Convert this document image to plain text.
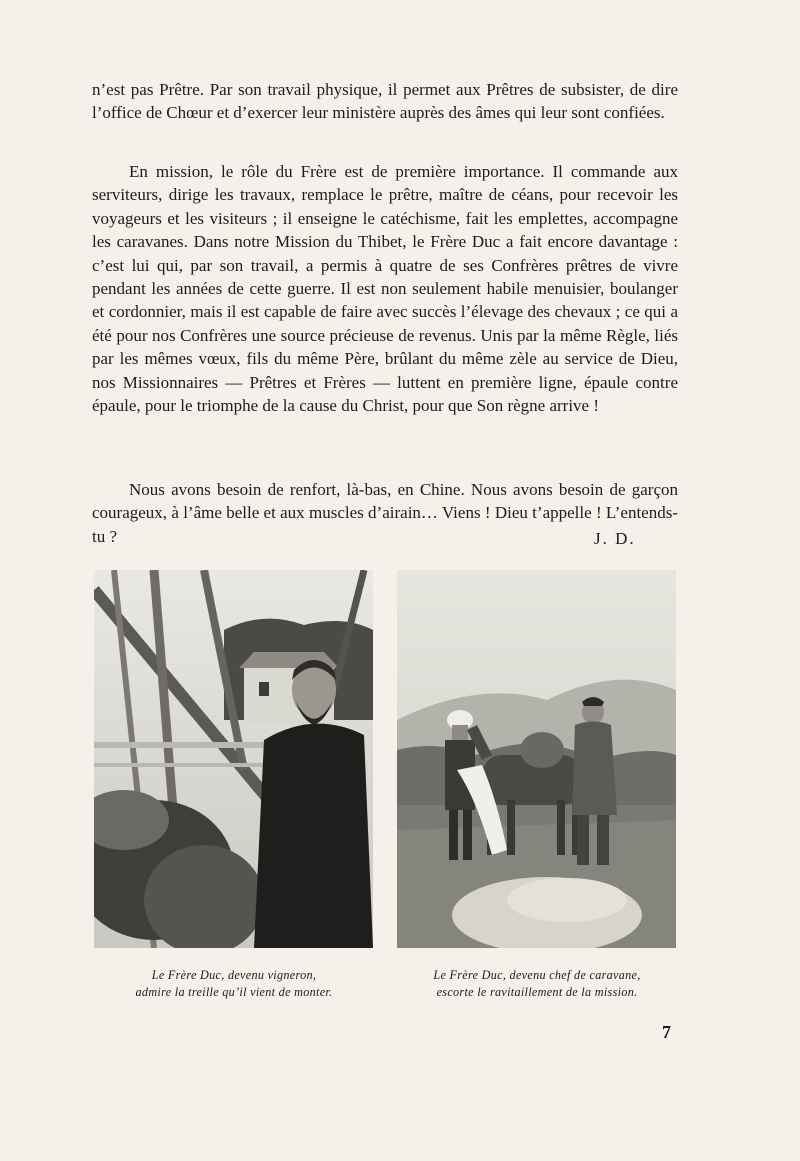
n’est pas Prêtre. Par son travail physique, il permet aux Prêtres de subsister, de dire l’office de Chœur et d’exercer leur ministère auprès des âmes qui leur sont confiées.

En mission, le rôle du Frère est de première importance. Il commande aux serviteurs, dirige les travaux, remplace le prêtre, maître de céans, pour recevoir les voyageurs et les visiteurs ; il enseigne le catéchisme, fait les emplettes, accompagne les caravanes. Dans notre Mission du Thibet, le Frère Duc a fait encore davantage : c’est lui qui, par son travail, a permis à quatre de ses Confrères prêtres de vivre pendant les années de cette guerre. Il est non seulement habile menuisier, boulanger et cordonnier, mais il est capable de faire avec succès l’élevage des chevaux ; ce qui a été pour nos Confrères une source précieuse de revenus. Unis par la même Règle, liés par les mêmes vœux, fils du même Père, brûlant du même zèle au service de Dieu, nos Missionnaires — Prêtres et Frères — luttent en première ligne, épaule contre épaule, pour le triomphe de la cause du Christ, pour que Son règne arrive !

Nous avons besoin de renfort, là-bas, en Chine. Nous avons besoin de garçon courageux, à l’âme belle et aux muscles d’airain… Viens ! Dieu t’appelle ! L’entends-tu ?	J. D.
Le Frère Duc, devenu vigneron,
admire la treille qu’il vient de monter.
Le Frère Duc, devenu chef de caravane,
escorte le ravitaillement de la mission.
7
